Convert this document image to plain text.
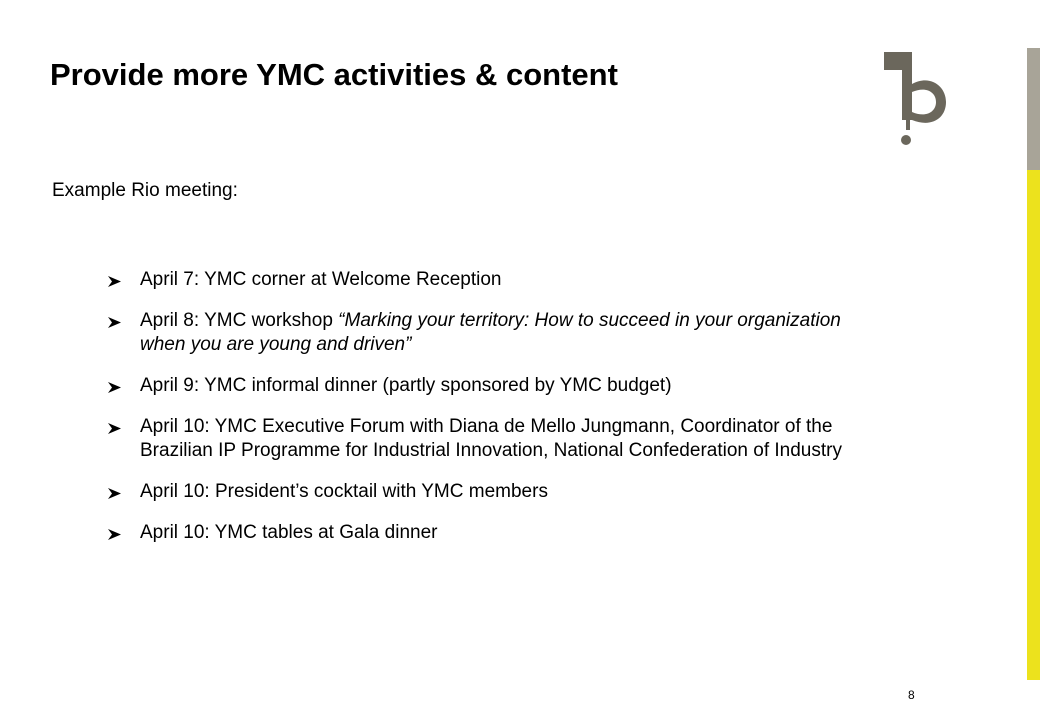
Provide more YMC activities & content
Example Rio meeting:
April 7: YMC corner at Welcome Reception
April 8: YMC workshop “Marking your territory: How to succeed in your organization when you are young and driven”
April 9: YMC informal dinner (partly sponsored by YMC budget)
April 10: YMC Executive Forum with Diana de Mello Jungmann, Coordinator of the Brazilian IP Programme for Industrial Innovation, National Confederation of Industry
April 10: President’s cocktail with YMC members
April 10: YMC tables at Gala dinner
8
